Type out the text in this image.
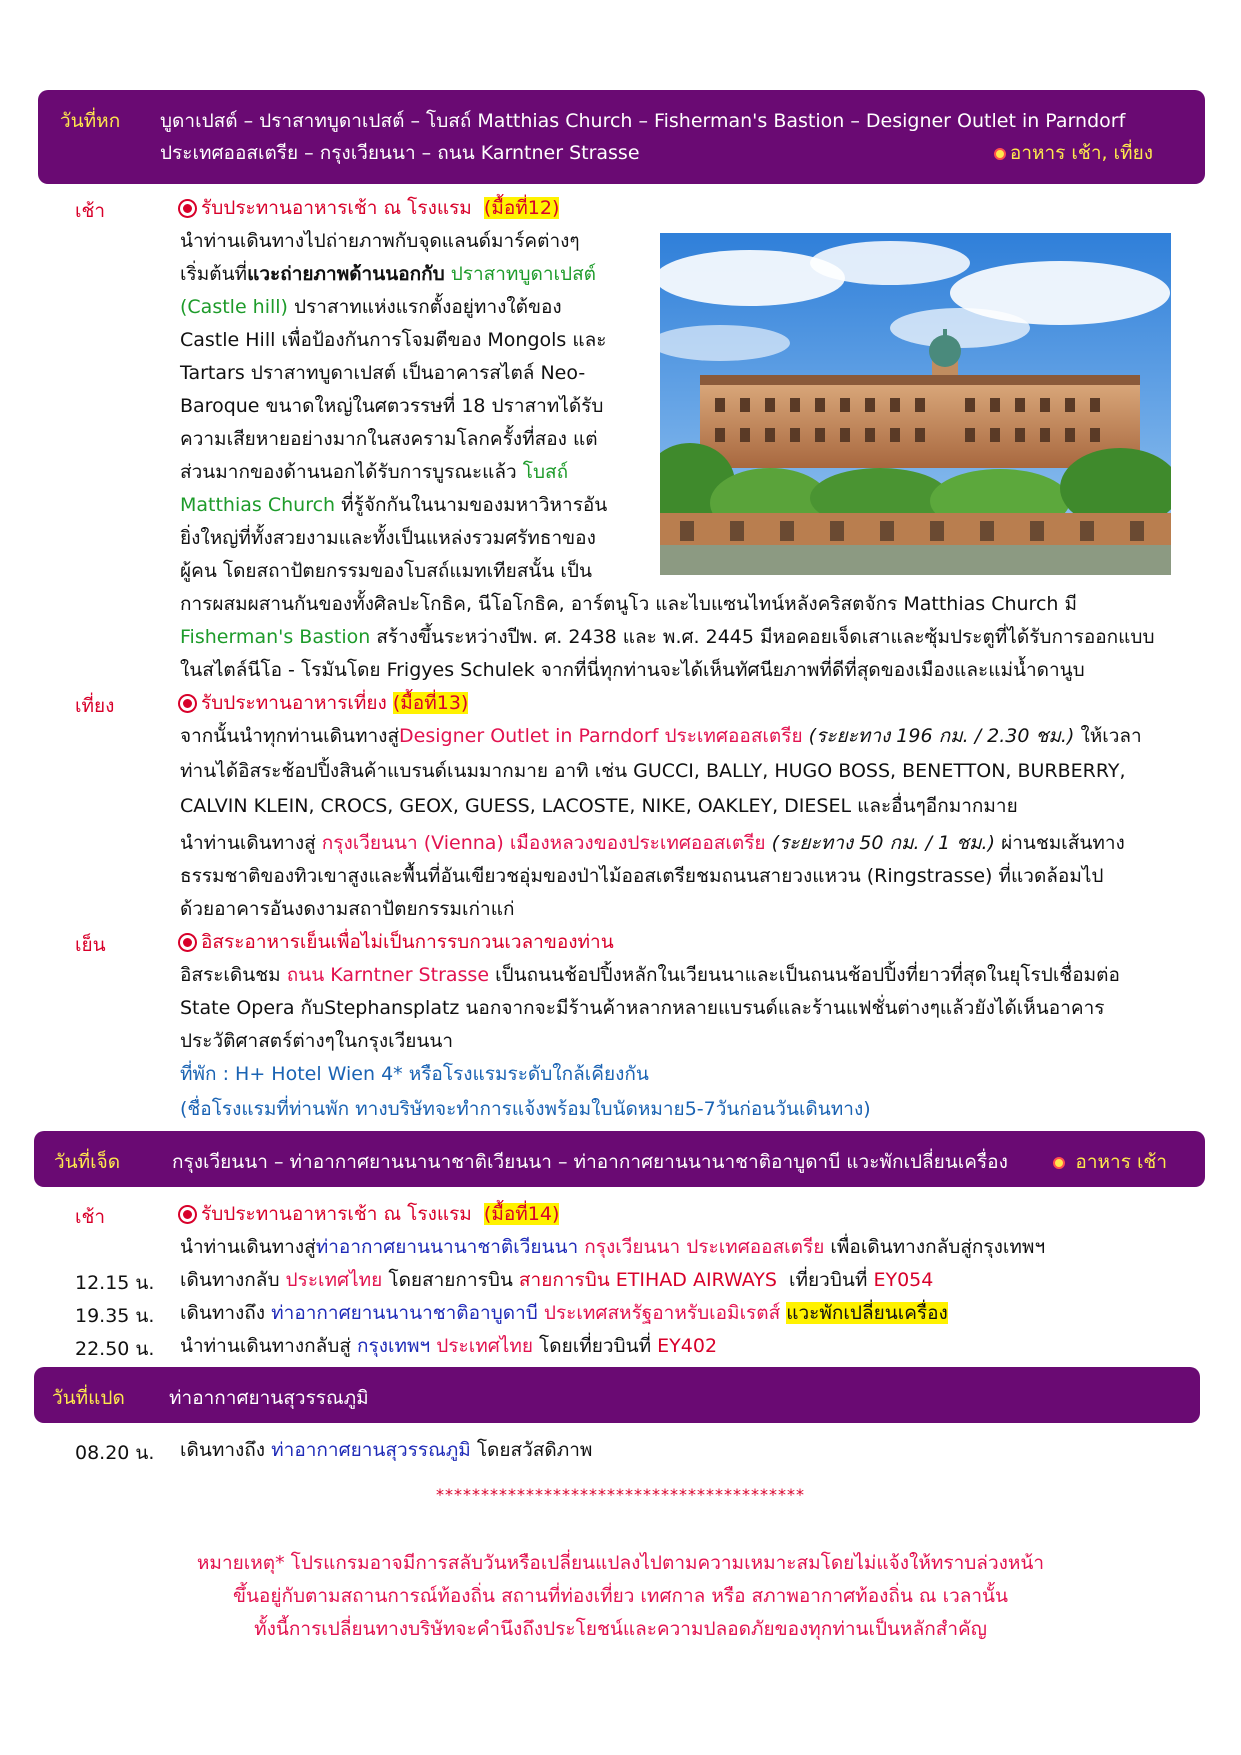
วันที่หก บูดาเปสต์ – ปราสาทบูดาเปสต์ – โบสถ์ Matthias Church – Fisherman's Bastion – Designer Outlet in Parndorf
ประเทศออสเตรีย – กรุงเวียนนา – ถนน Karntner Strasse	อาหาร เช้า, เที่ยง
เช้า	รับประทานอาหารเช้า ณ โรงแรม (มื้อที่12)
นำท่านเดินทางไปถ่ายภาพกับจุดแลนด์มาร์คต่างๆ
เริ่มต้นที่แวะถ่ายภาพด้านนอกกับ ปราสาทบูดาเปสต์
(Castle hill) ปราสาทแห่งแรกตั้งอยู่ทางใต้ของ
Castle Hill เพื่อป้องกันการโจมตีของ Mongols และ
Tartars ปราสาทบูดาเปสต์ เป็นอาคารสไตล์ Neo-
Baroque ขนาดใหญ่ในศตวรรษที่ 18 ปราสาทได้รับ
ความเสียหายอย่างมากในสงครามโลกครั้งที่สอง แต่
ส่วนมากของด้านนอกได้รับการบูรณะแล้ว โบสถ์
Matthias Church ที่รู้จักกันในนามของมหาวิหารอัน
ยิ่งใหญ่ที่ทั้งสวยงามและทั้งเป็นแหล่งรวมศรัทธาของ
ผู้คน โดยสถาปัตยกรรมของโบสถ์แมทเทียสนั้น เป็น
การผสมผสานกันของทั้งศิลปะโกธิค, นีโอโกธิค, อาร์ตนูโว และไบแซนไทน์หลังคริสตจักร Matthias Church มี
Fisherman's Bastion สร้างขึ้นระหว่างปีพ. ศ. 2438 และ พ.ศ. 2445 มีหอคอยเจ็ดเสาและซุ้มประตูที่ได้รับการออกแบบ
ในสไตล์นีโอ - โรมันโดย Frigyes Schulek จากที่นี่ทุกท่านจะได้เห็นทัศนียภาพที่ดีที่สุดของเมืองและแม่น้ำดานูบ
เที่ยง	รับประทานอาหารเที่ยง (มื้อที่13)
จากนั้นนำทุกท่านเดินทางสู่Designer Outlet in Parndorf ประเทศออสเตรีย (ระยะทาง 196 กม. / 2.30 ชม.) ให้เวลา
ท่านได้อิสระช้อปปิ้งสินค้าแบรนด์เนมมากมาย อาทิ เช่น GUCCI, BALLY, HUGO BOSS, BENETTON, BURBERRY,
CALVIN KLEIN, CROCS, GEOX, GUESS, LACOSTE, NIKE, OAKLEY, DIESEL และอื่นๆอีกมากมาย
นำท่านเดินทางสู่ กรุงเวียนนา (Vienna) เมืองหลวงของประเทศออสเตรีย (ระยะทาง 50 กม. / 1 ชม.) ผ่านชมเส้นทาง
ธรรมชาติของทิวเขาสูงและพื้นที่อันเขียวชอุ่มของป่าไม้ออสเตรียชมถนนสายวงแหวน (Ringstrasse) ที่แวดล้อมไป
ด้วยอาคารอันงดงามสถาปัตยกรรมเก่าแก่
เย็น	อิสระอาหารเย็นเพื่อไม่เป็นการรบกวนเวลาของท่าน
อิสระเดินชม ถนน Karntner Strasse เป็นถนนช้อปปิ้งหลักในเวียนนาและเป็นถนนช้อปปิ้งที่ยาวที่สุดในยุโรปเชื่อมต่อ
State Opera กับStephansplatz นอกจากจะมีร้านค้าหลากหลายแบรนด์และร้านแฟชั่นต่างๆแล้วยังได้เห็นอาคาร
ประวัติศาสตร์ต่างๆในกรุงเวียนนา
ที่พัก : H+ Hotel Wien 4* หรือโรงแรมระดับใกล้เคียงกัน
(ชื่อโรงแรมที่ท่านพัก ทางบริษัทจะทำการแจ้งพร้อมใบนัดหมาย5-7วันก่อนวันเดินทาง)
วันที่เจ็ด	กรุงเวียนนา – ท่าอากาศยานนานาชาติเวียนนา – ท่าอากาศยานนานาชาติอาบูดาบี แวะพักเปลี่ยนเครื่อง	อาหาร เช้า
เช้า	รับประทานอาหารเช้า ณ โรงแรม (มื้อที่14)
นำท่านเดินทางสู่ท่าอากาศยานนานาชาติเวียนนา กรุงเวียนนา ประเทศออสเตรีย เพื่อเดินทางกลับสู่กรุงเทพฯ
12.15 น. เดินทางกลับ ประเทศไทย โดยสายการบิน สายการบิน ETIHAD AIRWAYS เที่ยวบินที่ EY054
19.35 น. เดินทางถึง ท่าอากาศยานนานาชาติอาบูดาบี ประเทศสหรัฐอาหรับเอมิเรตส์ แวะพักเปลี่ยนเครื่อง
22.50 น. นำท่านเดินทางกลับสู่ กรุงเทพฯ ประเทศไทย โดยเที่ยวบินที่ EY402
วันที่แปด ท่าอากาศยานสุวรรณภูมิ
08.20 น. เดินทางถึง ท่าอากาศยานสุวรรณภูมิ โดยสวัสดิภาพ
*****************************************
หมายเหตุ* โปรแกรมอาจมีการสลับวันหรือเปลี่ยนแปลงไปตามความเหมาะสมโดยไม่แจ้งให้ทราบล่วงหน้า
ขึ้นอยู่กับตามสถานการณ์ท้องถิ่น สถานที่ท่องเที่ยว เทศกาล หรือ สภาพอากาศท้องถิ่น ณ เวลานั้น
ทั้งนี้การเปลี่ยนทางบริษัทจะคำนึงถึงประโยชน์และความปลอดภัยของทุกท่านเป็นหลักสำคัญ
